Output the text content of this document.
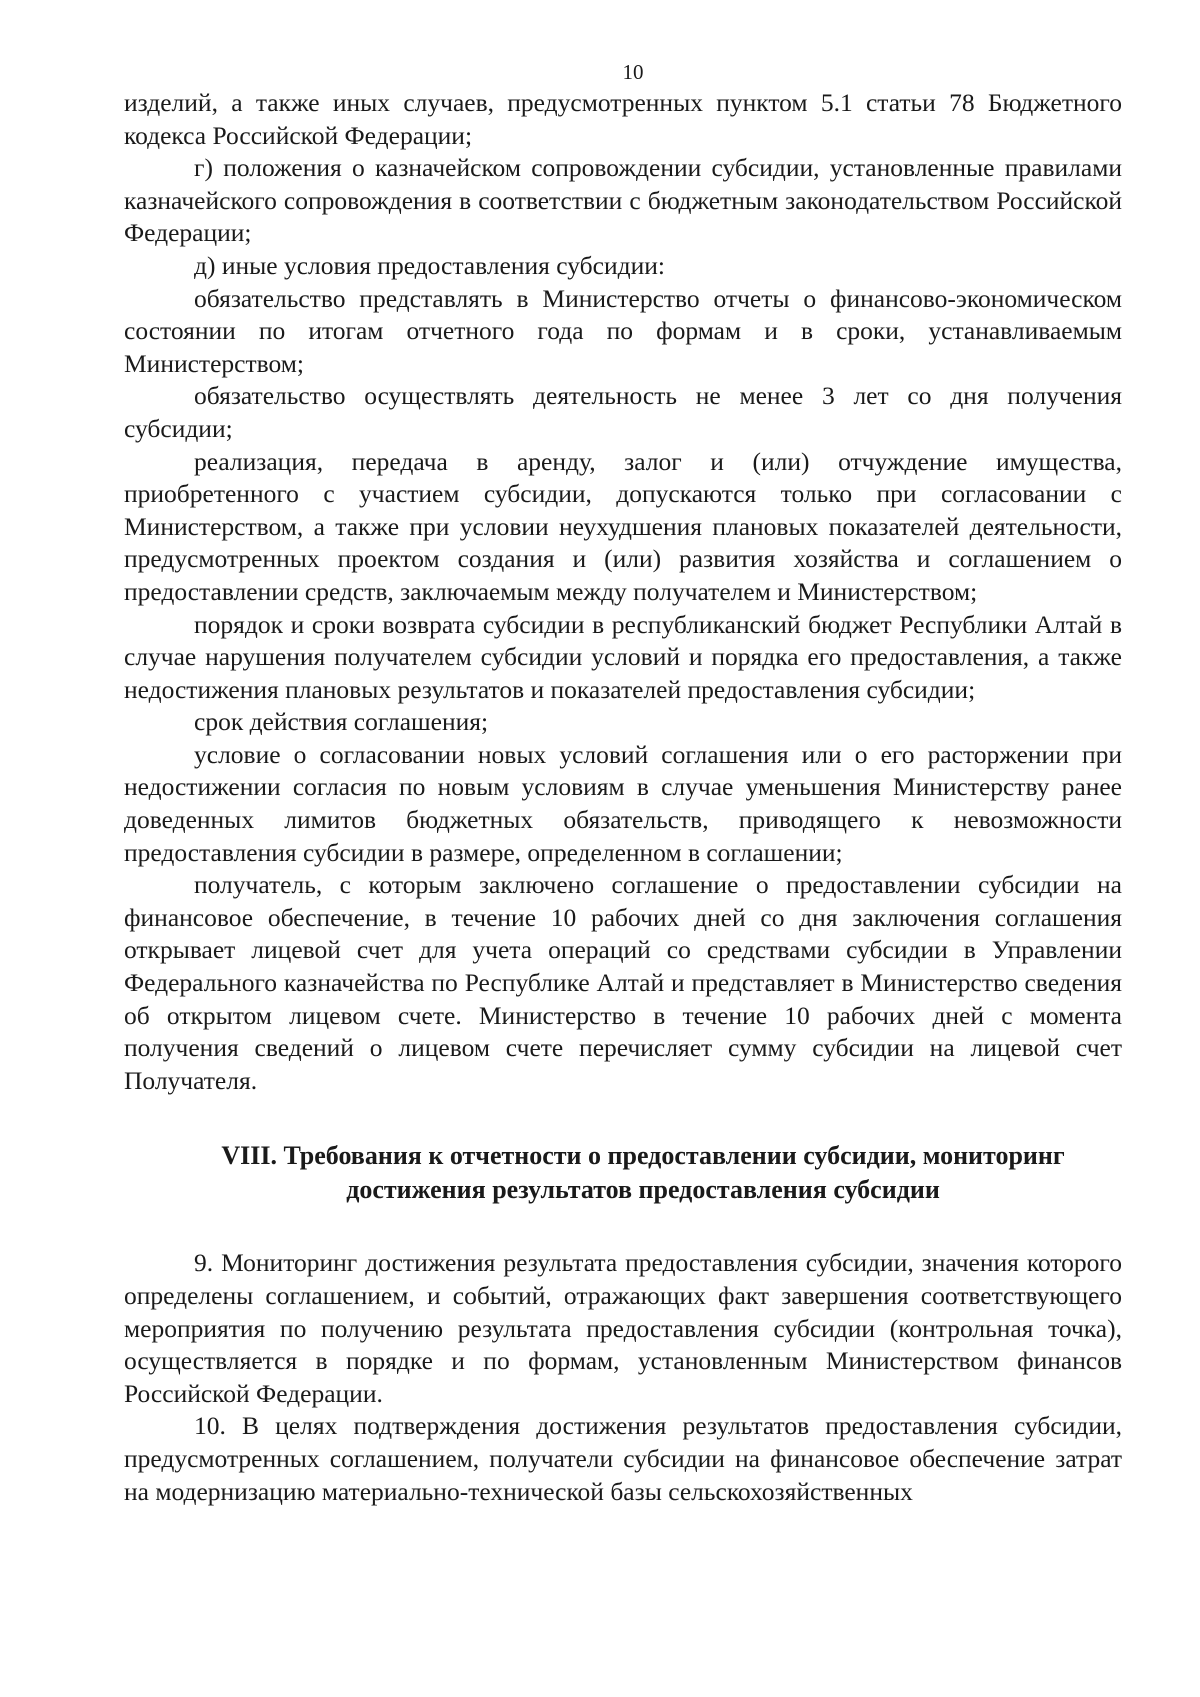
10

изделий, а также иных случаев, предусмотренных пунктом 5.1 статьи 78 Бюджетного кодекса Российской Федерации;

г) положения о казначейском сопровождении субсидии, установленные правилами казначейского сопровождения в соответствии с бюджетным законодательством Российской Федерации;

д) иные условия предоставления субсидии:

обязательство представлять в Министерство отчеты о финансово-экономическом состоянии по итогам отчетного года по формам и в сроки, устанавливаемым Министерством;

обязательство осуществлять деятельность не менее 3 лет со дня получения субсидии;

реализация, передача в аренду, залог и (или) отчуждение имущества, приобретенного с участием субсидии, допускаются только при согласовании с Министерством, а также при условии неухудшения плановых показателей деятельности, предусмотренных проектом создания и (или) развития хозяйства и соглашением о предоставлении средств, заключаемым между получателем и Министерством;

порядок и сроки возврата субсидии в республиканский бюджет Республики Алтай в случае нарушения получателем субсидии условий и порядка его предоставления, а также недостижения плановых результатов и показателей предоставления субсидии;

срок действия соглашения;

условие о согласовании новых условий соглашения или о его расторжении при недостижении согласия по новым условиям в случае уменьшения Министерству ранее доведенных лимитов бюджетных обязательств, приводящего к невозможности предоставления субсидии в размере, определенном в соглашении;

получатель, с которым заключено соглашение о предоставлении субсидии на финансовое обеспечение, в течение 10 рабочих дней со дня заключения соглашения открывает лицевой счет для учета операций со средствами субсидии в Управлении Федерального казначейства по Республике Алтай и представляет в Министерство сведения об открытом лицевом счете. Министерство в течение 10 рабочих дней с момента получения сведений о лицевом счете перечисляет сумму субсидии на лицевой счет Получателя.

VIII. Требования к отчетности о предоставлении субсидии, мониторинг
достижения результатов предоставления субсидии

9. Мониторинг достижения результата предоставления субсидии, значения которого определены соглашением, и событий, отражающих факт завершения соответствующего мероприятия по получению результата предоставления субсидии (контрольная точка), осуществляется в порядке и по формам, установленным Министерством финансов Российской Федерации.

10. В целях подтверждения достижения результатов предоставления субсидии, предусмотренных соглашением, получатели субсидии на финансовое обеспечение затрат на модернизацию материально-технической базы сельскохозяйственных
